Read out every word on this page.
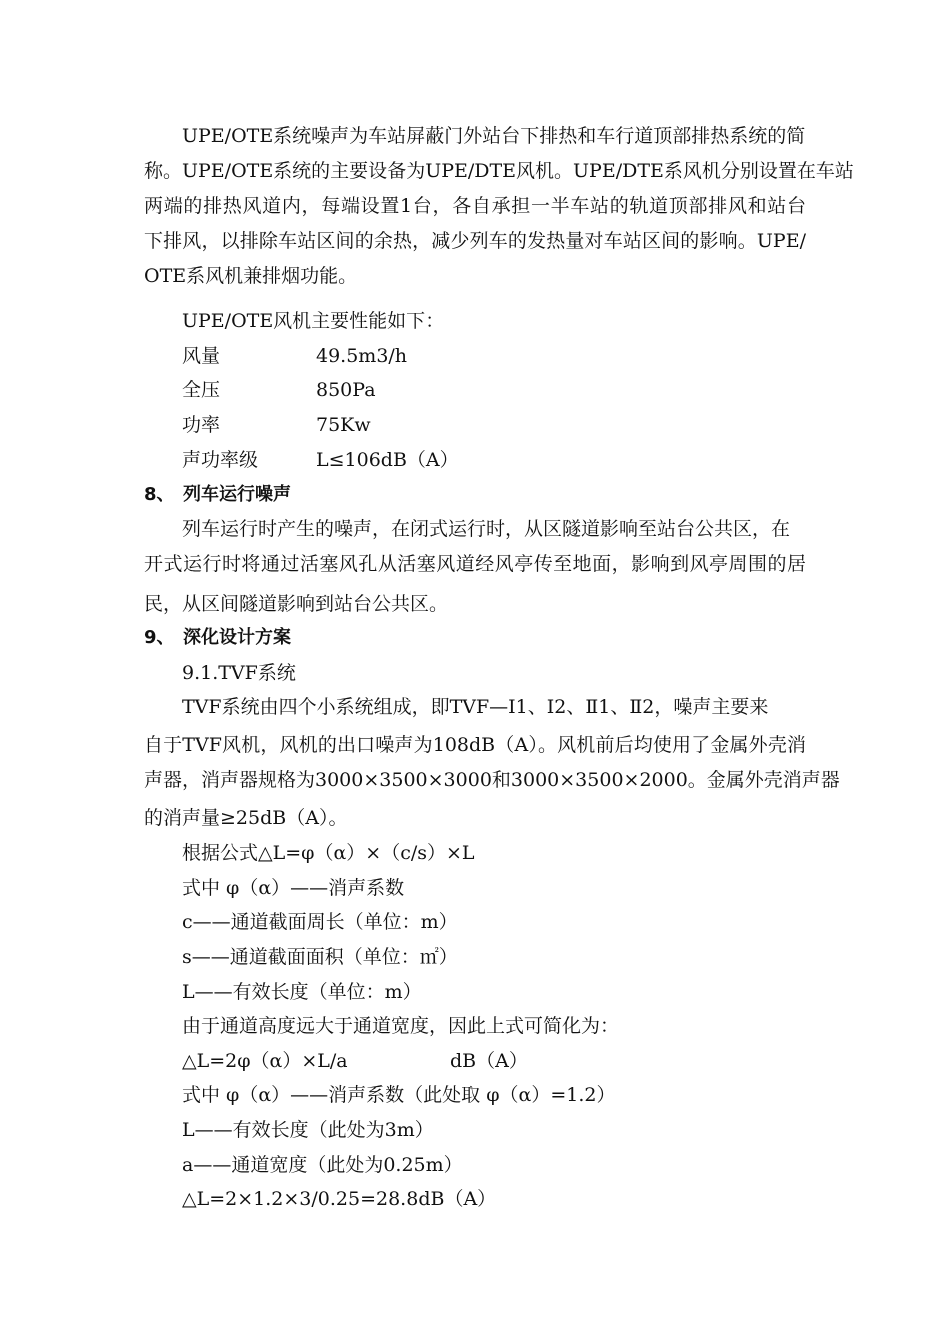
UPE/OTE系统噪声为车站屏蔽门外站台下排热和车行道顶部排热系统的简
称。UPE/OTE系统的主要设备为UPE/DTE风机。UPE/DTE系风机分别设置在车站
两端的排热风道内，每端设置1台，各自承担一半车站的轨道顶部排风和站台
下排风，以排除车站区间的余热，减少列车的发热量对车站区间的影响。UPE/
OTE系风机兼排烟功能。
UPE/OTE风机主要性能如下：
风量	49.5m3/h
全压	850Pa
功率	75Kw
声功率级	L≤106dB（A）
8、 列车运行噪声
列车运行时产生的噪声，在闭式运行时，从区隧道影响至站台公共区，在
开式运行时将通过活塞风孔从活塞风道经风亭传至地面，影响到风亭周围的居
民，从区间隧道影响到站台公共区。
9、 深化设计方案
9.1.TVF系统
TVF系统由四个小系统组成，即TVF—Ⅰ1、Ⅰ2、Ⅱ1、Ⅱ2，噪声主要来
自于TVF风机，风机的出口噪声为108dB（A）。风机前后均使用了金属外壳消
声器，消声器规格为3000×3500×3000和3000×3500×2000。金属外壳消声器
的消声量≥25dB（A）。
根据公式△L=φ（α）×（c/s）×L
式中 φ（α）——消声系数
c——通道截面周长（单位：m）
s——通道截面面积（单位：㎡）
L——有效长度（单位：m）
由于通道高度远大于通道宽度，因此上式可简化为：
△L=2φ（α）×L/a	dB（A）
式中 φ（α）——消声系数（此处取 φ（α）=1.2）
L——有效长度（此处为3m）
a——通道宽度（此处为0.25m）
△L=2×1.2×3/0.25=28.8dB（A）
